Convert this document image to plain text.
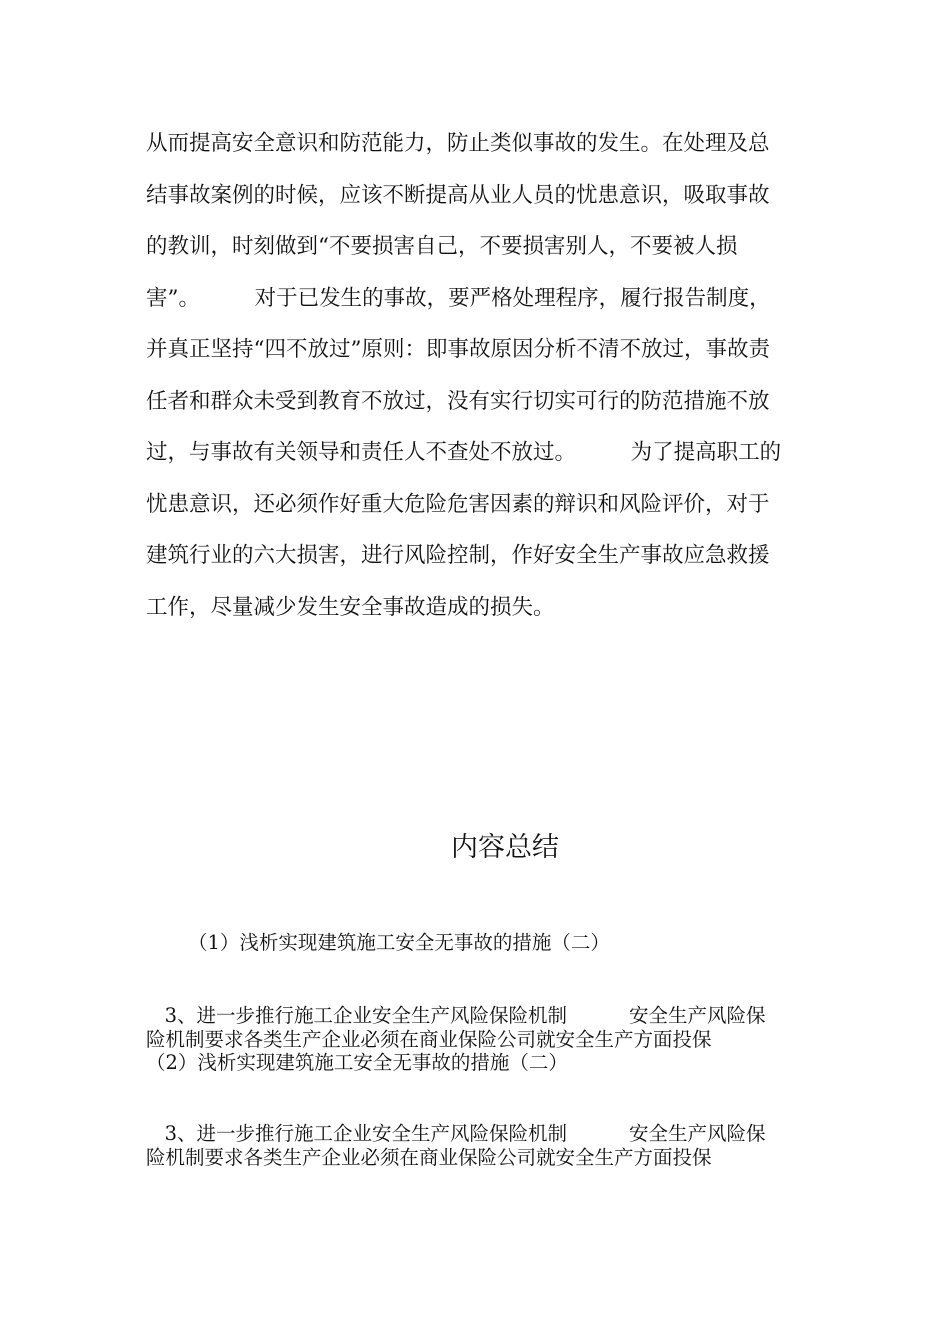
从而提高安全意识和防范能力，防止类似事故的发生。在处理及总
结事故案例的时候，应该不断提高从业人员的忧患意识，吸取事故
的教训，时刻做到“不要损害自己，不要损害别人，不要被人损
害”。        对于已发生的事故，要严格处理程序，履行报告制度，
并真正坚持“四不放过”原则：即事故原因分析不清不放过，事故责
任者和群众未受到教育不放过，没有实行切实可行的防范措施不放
过，与事故有关领导和责任人不查处不放过。        为了提高职工的
忧患意识，还必须作好重大危险危害因素的辩识和风险评价，对于
建筑行业的六大损害，进行风险控制，作好安全生产事故应急救援
工作，尽量减少发生安全事故造成的损失。
内容总结
（1）浅析实现建筑施工安全无事故的措施（二）
3、进一步推行施工企业安全生产风险保险机制          安全生产风险保
险机制要求各类生产企业必须在商业保险公司就安全生产方面投保
（2）浅析实现建筑施工安全无事故的措施（二）
3、进一步推行施工企业安全生产风险保险机制          安全生产风险保
险机制要求各类生产企业必须在商业保险公司就安全生产方面投保
